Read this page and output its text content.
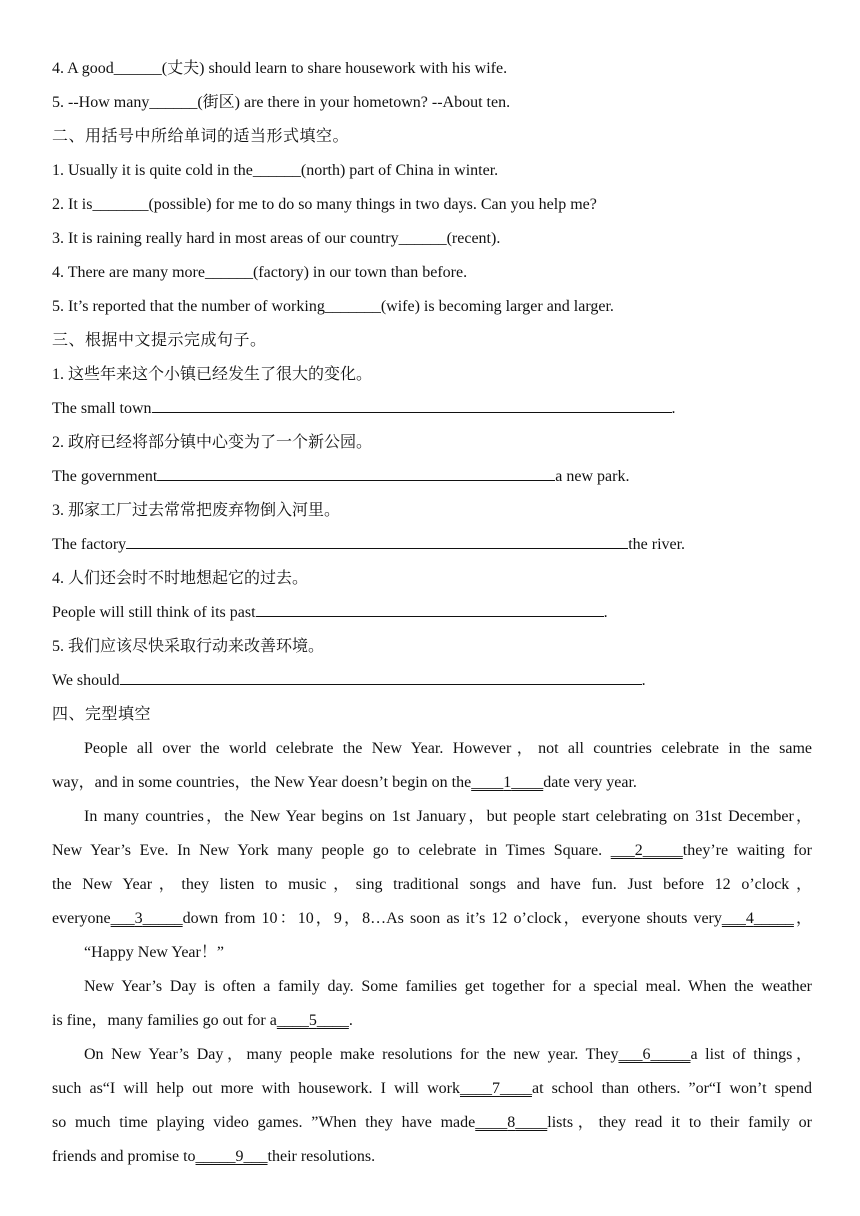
4. A good______(丈夫) should learn to share housework with his wife.
5. --How many______(街区) are there in your hometown? --About ten.
二、用括号中所给单词的适当形式填空。
1. Usually it is quite cold in the______(north) part of China in winter.
2. It is_______(possible) for me to do so many things in two days. Can you help me?
3. It is raining really hard in most areas of our country______(recent).
4. There are many more______(factory) in our town than before.
5. It’s reported that the number of working_______(wife) is becoming larger and larger.
三、根据中文提示完成句子。
1. 这些年来这个小镇已经发生了很大的变化。
The small town	.
2. 政府已经将部分镇中心变为了一个新公园。
The government	a new park.
3. 那家工厂过去常常把废弃物倒入河里。
The factory	the river.
4. 人们还会时不时地想起它的过去。
People will still think of its past	.
5. 我们应该尽快采取行动来改善环境。
We should	.
四、完型填空
People all over the world celebrate the New Year. However，not all countries celebrate in the same
way，and in some countries，the New Year doesn’t begin on the____1____date very year.
In many countries，the New Year begins on 1st January，but people start celebrating on 31st December，
New Year’s Eve. In New York many people go to celebrate in Times Square. ___2_____they’re waiting for
the New Year，they listen to music，sing traditional songs and have fun. Just before 12 o’clock，
everyone___3_____down from 10：10，9，8…As soon as it’s 12 o’clock，everyone shouts very___4_____，
“Happy New Year！”
New Year’s Day is often a family day. Some families get together for a special meal. When the weather
is fine，many families go out for a____5____.
On New Year’s Day，many people make resolutions for the new year. They___6_____a list of things，
such as“I will help out more with housework. I will work____7____at school than others. ”or“I won’t spend
so much time playing video games. ”When they have made____8____lists，they read it to their family or
friends and promise to_____9___their resolutions.
